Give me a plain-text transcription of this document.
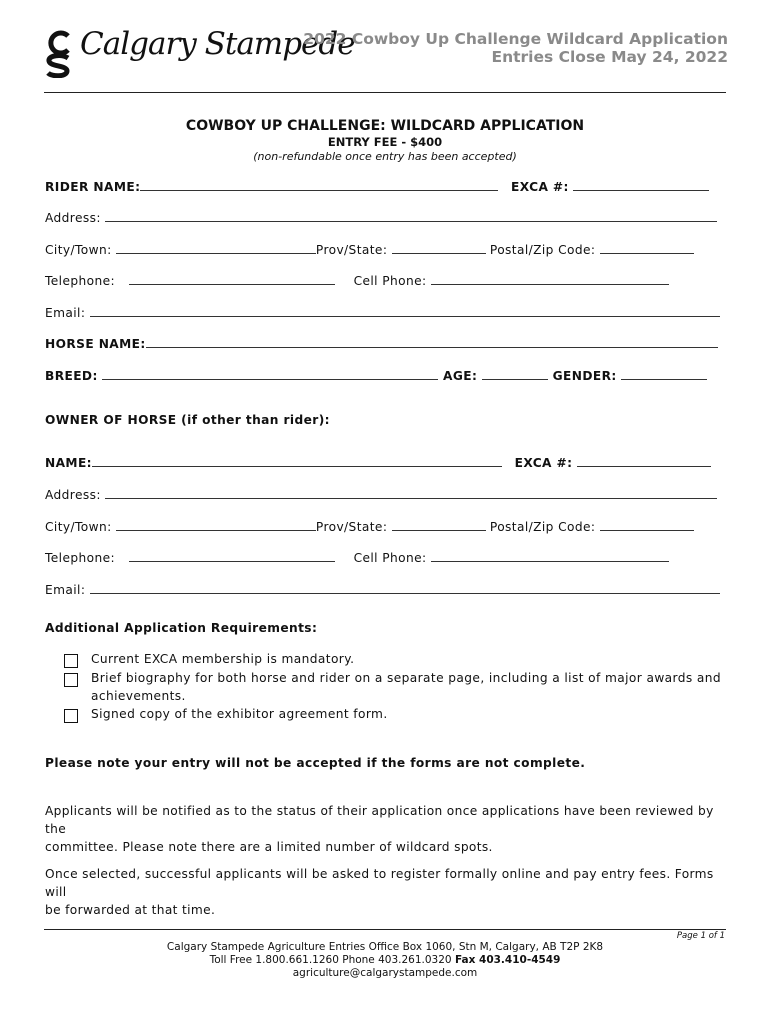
Calgary Stampede
2022 Cowboy Up Challenge Wildcard Application
Entries Close May 24, 2022
COWBOY UP CHALLENGE: WILDCARD APPLICATION
ENTRY FEE - $400
(non-refundable once entry has been accepted)
RIDER NAME:	EXCA #:
Address:
City/Town:	Prov/State:	Postal/Zip Code:
Telephone:	Cell Phone:
Email:
HORSE NAME:
BREED:	AGE:	GENDER:
OWNER OF HORSE (if other than rider):
NAME:	EXCA #:
Address:
City/Town:	Prov/State:	Postal/Zip Code:
Telephone:	Cell Phone:
Email:
Additional Application Requirements:
Current EXCA membership is mandatory.
Brief biography for both horse and rider on a separate page, including a list of major awards and
achievements.
Signed copy of the exhibitor agreement form.
Please note your entry will not be accepted if the forms are not complete.
Applicants will be notified as to the status of their application once applications have been reviewed by the
committee. Please note there are a limited number of wildcard spots.
Once selected, successful applicants will be asked to register formally online and pay entry fees. Forms will
be forwarded at that time.
Page 1 of 1
Calgary Stampede Agriculture Entries Office Box 1060, Stn M, Calgary, AB T2P 2K8
Toll Free 1.800.661.1260 Phone 403.261.0320 Fax 403.410-4549
agriculture@calgarystampede.com
